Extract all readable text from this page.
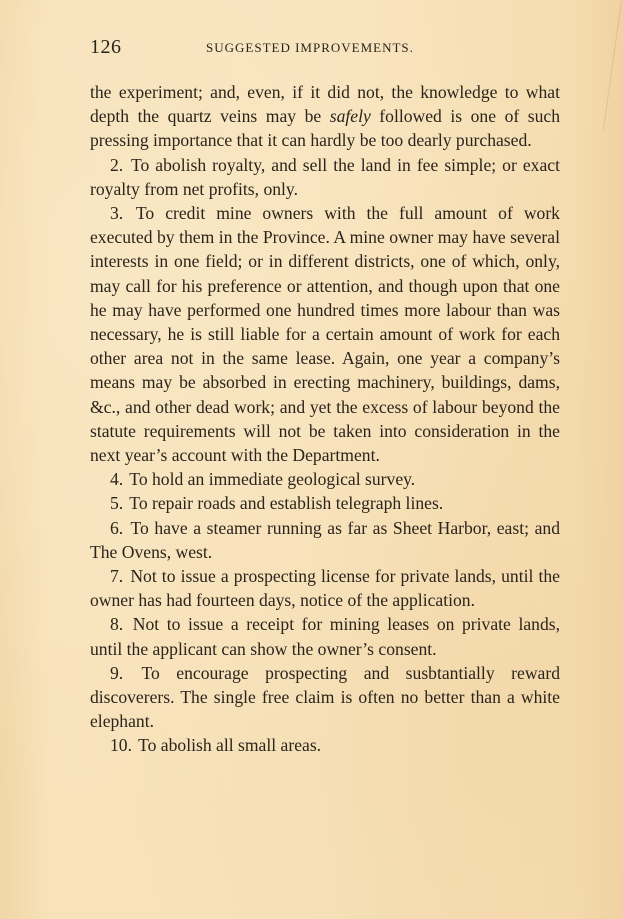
126	SUGGESTED IMPROVEMENTS.

the experiment; and, even, if it did not, the knowledge to what depth the quartz veins may be safely followed is one of such pressing importance that it can hardly be too dearly purchased.

2. To abolish royalty, and sell the land in fee simple; or exact royalty from net profits, only.

3. To credit mine owners with the full amount of work executed by them in the Province. A mine owner may have several interests in one field; or in different districts, one of which, only, may call for his preference or attention, and though upon that one he may have performed one hundred times more labour than was necessary, he is still liable for a certain amount of work for each other area not in the same lease. Again, one year a company’s means may be absorbed in erecting machinery, buildings, dams, &c., and other dead work; and yet the excess of labour beyond the statute requirements will not be taken into consideration in the next year’s account with the Department.

4. To hold an immediate geological survey.

5. To repair roads and establish telegraph lines.

6. To have a steamer running as far as Sheet Harbor, east; and The Ovens, west.

7. Not to issue a prospecting license for private lands, until the owner has had fourteen days, notice of the application.

8. Not to issue a receipt for mining leases on private lands, until the applicant can show the owner’s consent.

9. To encourage prospecting and susbtantially reward discoverers. The single free claim is often no better than a white elephant.

10. To abolish all small areas.
